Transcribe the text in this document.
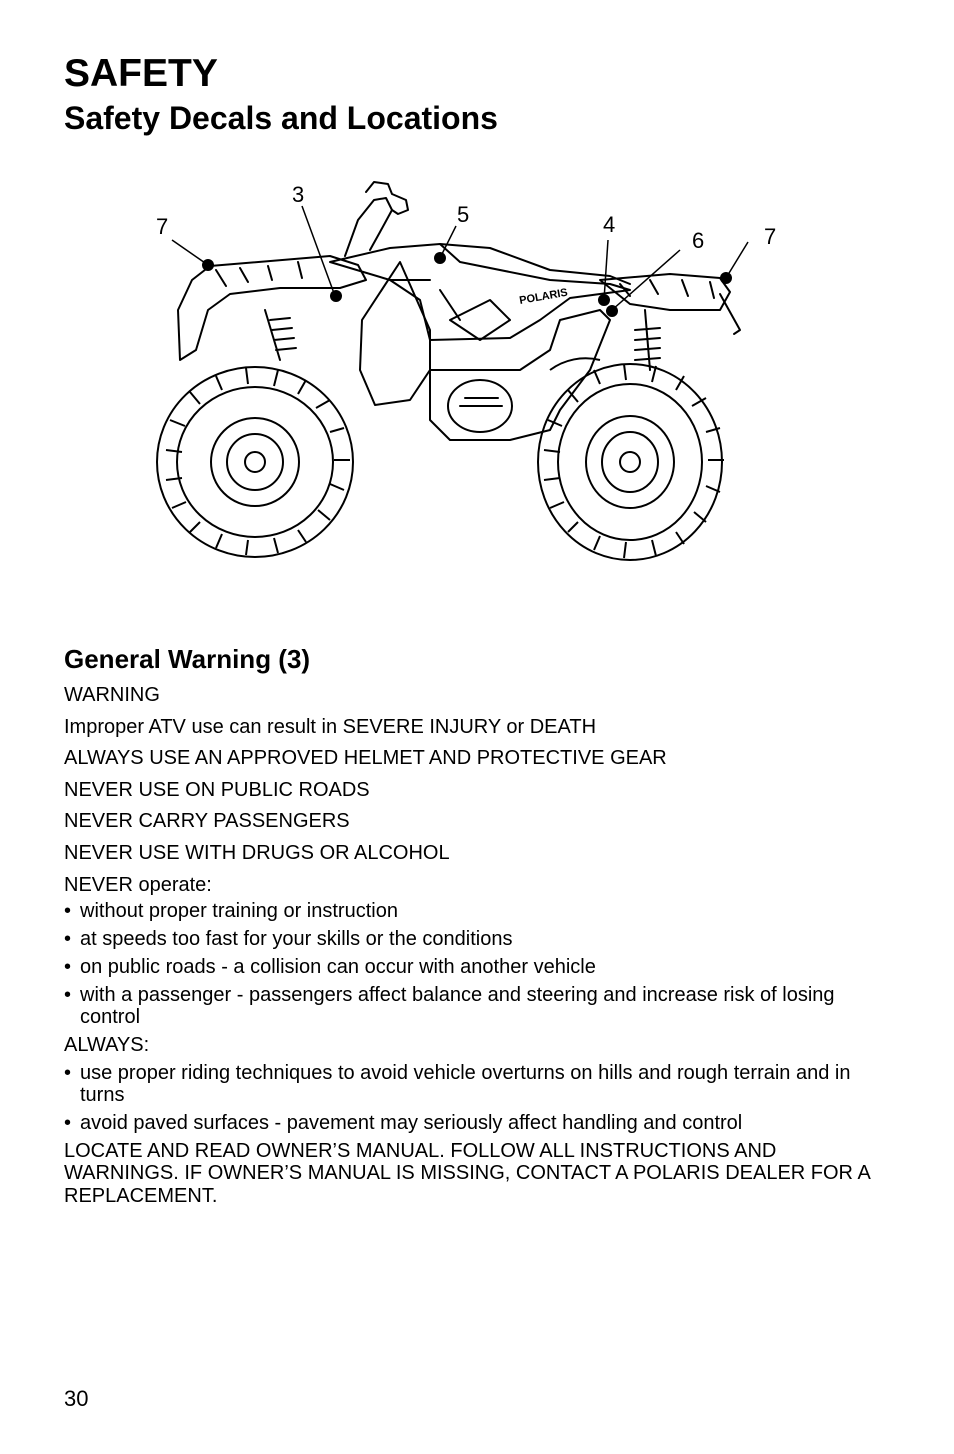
SAFETY
Safety Decals and Locations
POLARIS
7
3
5	4
6	7
General Warning (3)

WARNING

Improper ATV use can result in SEVERE INJURY or DEATH

ALWAYS USE AN APPROVED HELMET AND PROTECTIVE GEAR

NEVER USE ON PUBLIC ROADS

NEVER CARRY PASSENGERS

NEVER USE WITH DRUGS OR ALCOHOL

NEVER operate:

• without proper training or instruction

• at speeds too fast for your skills or the conditions

• on public roads - a collision can occur with another vehicle

• with a passenger - passengers affect balance and steering and increase risk of losing control

ALWAYS:

• use proper riding techniques to avoid vehicle overturns on hills and rough terrain and in turns

• avoid paved surfaces - pavement may seriously affect handling and control

LOCATE AND READ OWNER’S MANUAL. FOLLOW ALL INSTRUCTIONS AND WARNINGS. IF OWNER’S MANUAL IS MISSING, CONTACT A POLARIS DEALER FOR A REPLACEMENT.

30
